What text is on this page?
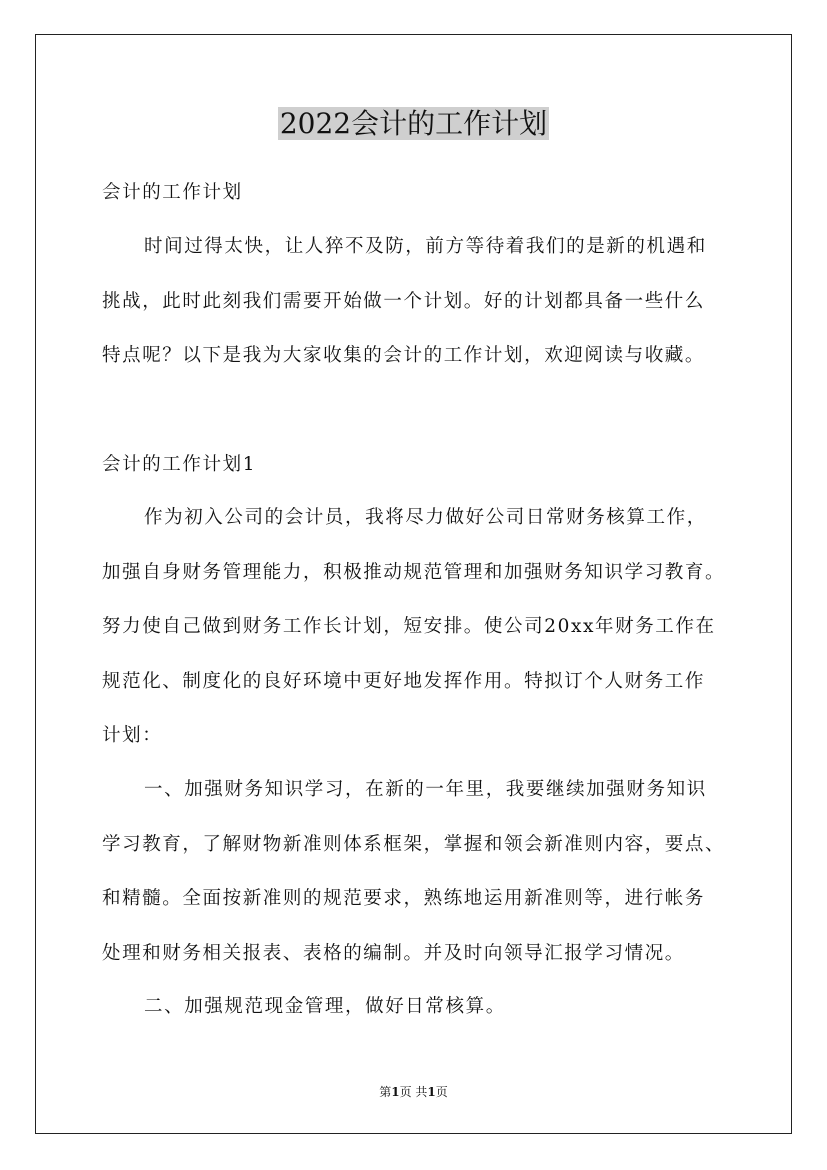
2022会计的工作计划

会计的工作计划

时间过得太快，让人猝不及防，前方等待着我们的是新的机遇和
挑战，此时此刻我们需要开始做一个计划。好的计划都具备一些什么
特点呢？以下是我为大家收集的会计的工作计划，欢迎阅读与收藏。

会计的工作计划1

作为初入公司的会计员，我将尽力做好公司日常财务核算工作，
加强自身财务管理能力，积极推动规范管理和加强财务知识学习教育。
努力使自己做到财务工作长计划，短安排。使公司20xx年财务工作在
规范化、制度化的良好环境中更好地发挥作用。特拟订个人财务工作
计划：

一、加强财务知识学习，在新的一年里，我要继续加强财务知识
学习教育，了解财物新准则体系框架，掌握和领会新准则内容，要点、
和精髓。全面按新准则的规范要求，熟练地运用新准则等，进行帐务
处理和财务相关报表、表格的编制。并及时向领导汇报学习情况。

二、加强规范现金管理，做好日常核算。

第1页 共1页
